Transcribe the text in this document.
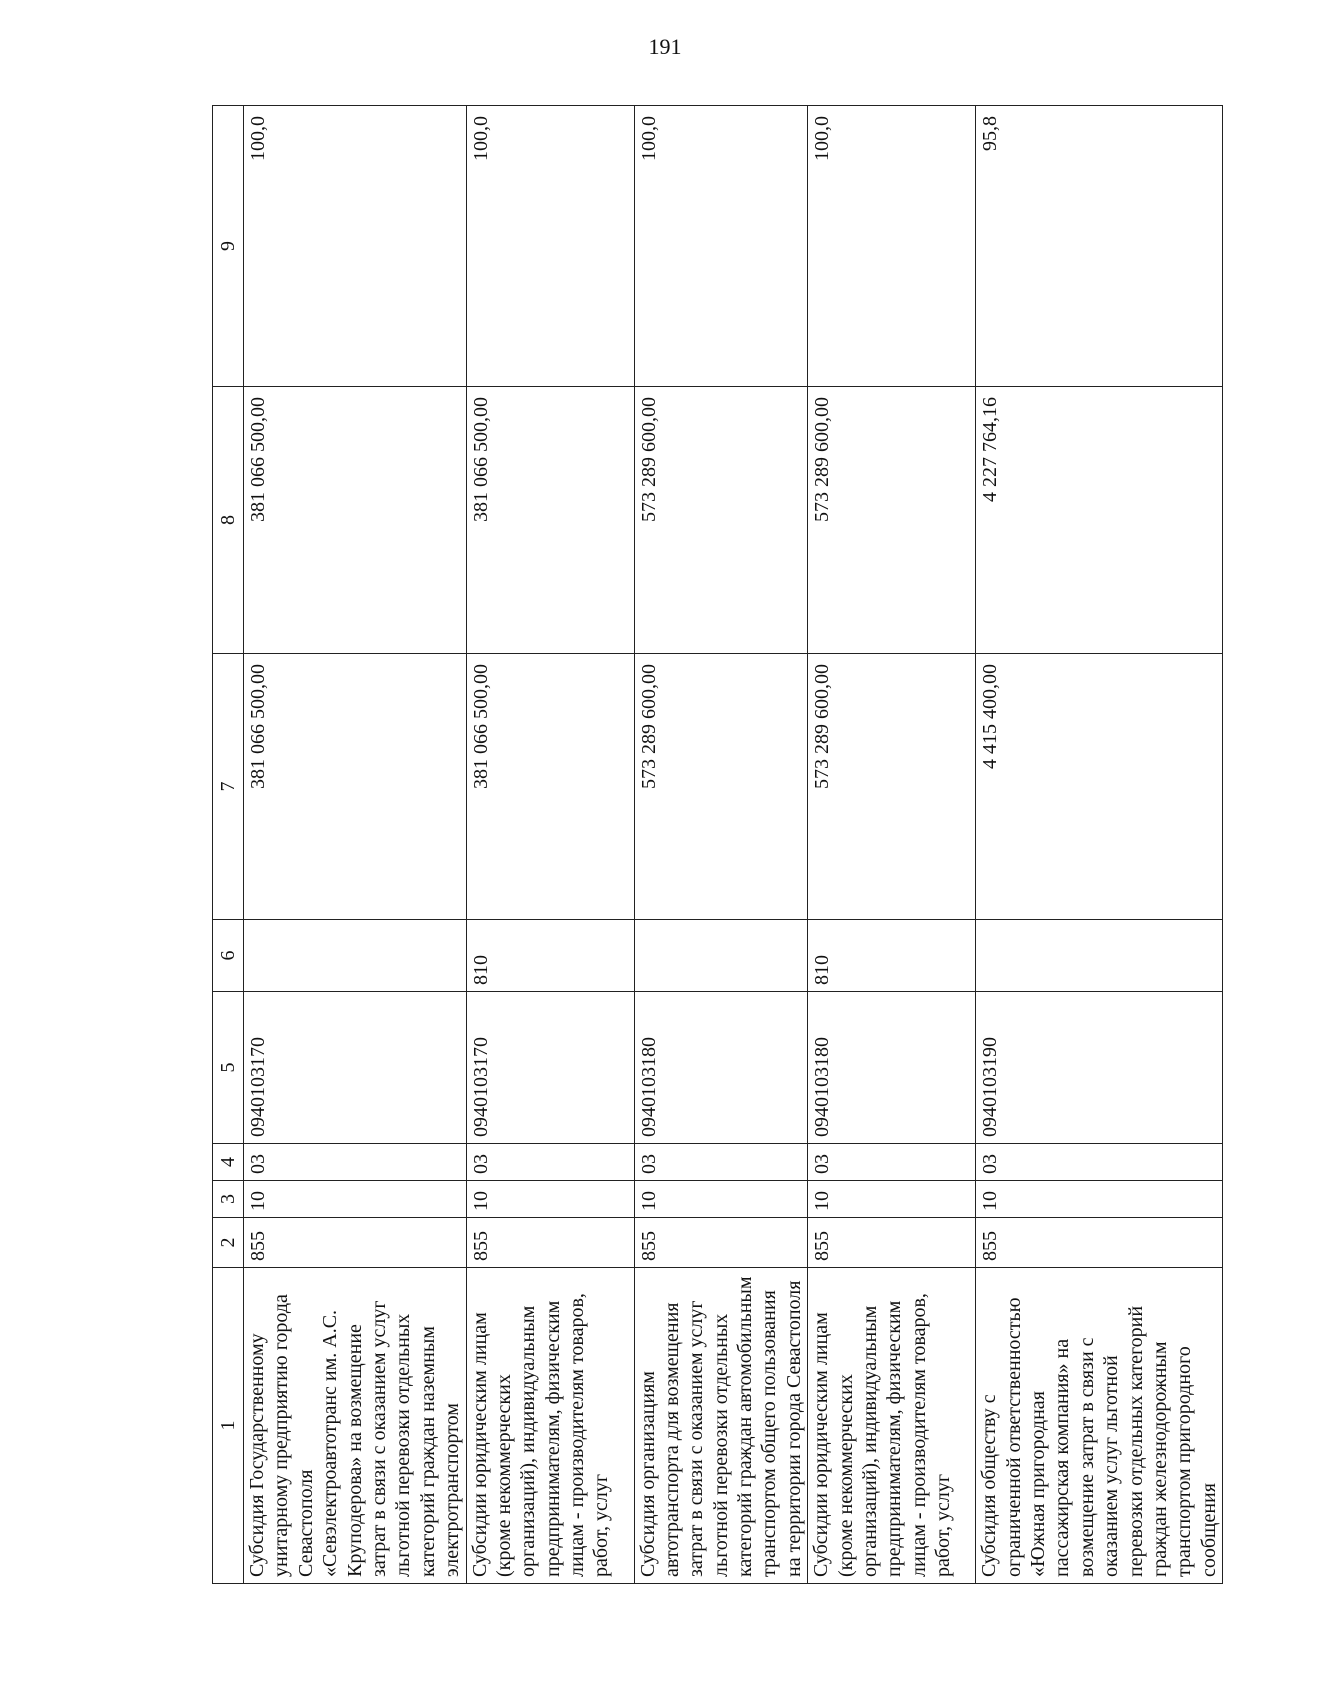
191
1	2	3	4	5	6	7	8	9
Субсидия Государственному унитарному предприятию города Севастополя «Севэлектроавтотранс им. А.С. Круподерова» на возмещение затрат в связи с оказанием услуг льготной перевозки отдельных категорий граждан наземным электротранспортом	855	10	03	0940103170		381 066 500,00	381 066 500,00	100,0
Субсидии юридическим лицам (кроме некоммерческих организаций), индивидуальным предпринимателям, физическим лицам - производителям товаров, работ, услуг	855	10	03	0940103170	810	381 066 500,00	381 066 500,00	100,0
Субсидия организациям автотранспорта для возмещения затрат в связи с оказанием услуг льготной перевозки отдельных категорий граждан автомобильным транспортом общего пользования на территории города Севастополя	855	10	03	0940103180		573 289 600,00	573 289 600,00	100,0
Субсидии юридическим лицам (кроме некоммерческих организаций), индивидуальным предпринимателям, физическим лицам - производителям товаров, работ, услуг	855	10	03	0940103180	810	573 289 600,00	573 289 600,00	100,0
Субсидия обществу с ограниченной ответственностью «Южная пригородная пассажирская компания» на возмещение затрат в связи с оказанием услуг льготной перевозки отдельных категорий граждан железнодорожным транспортом пригородного сообщения	855	10	03	0940103190		4 415 400,00	4 227 764,16	95,8
